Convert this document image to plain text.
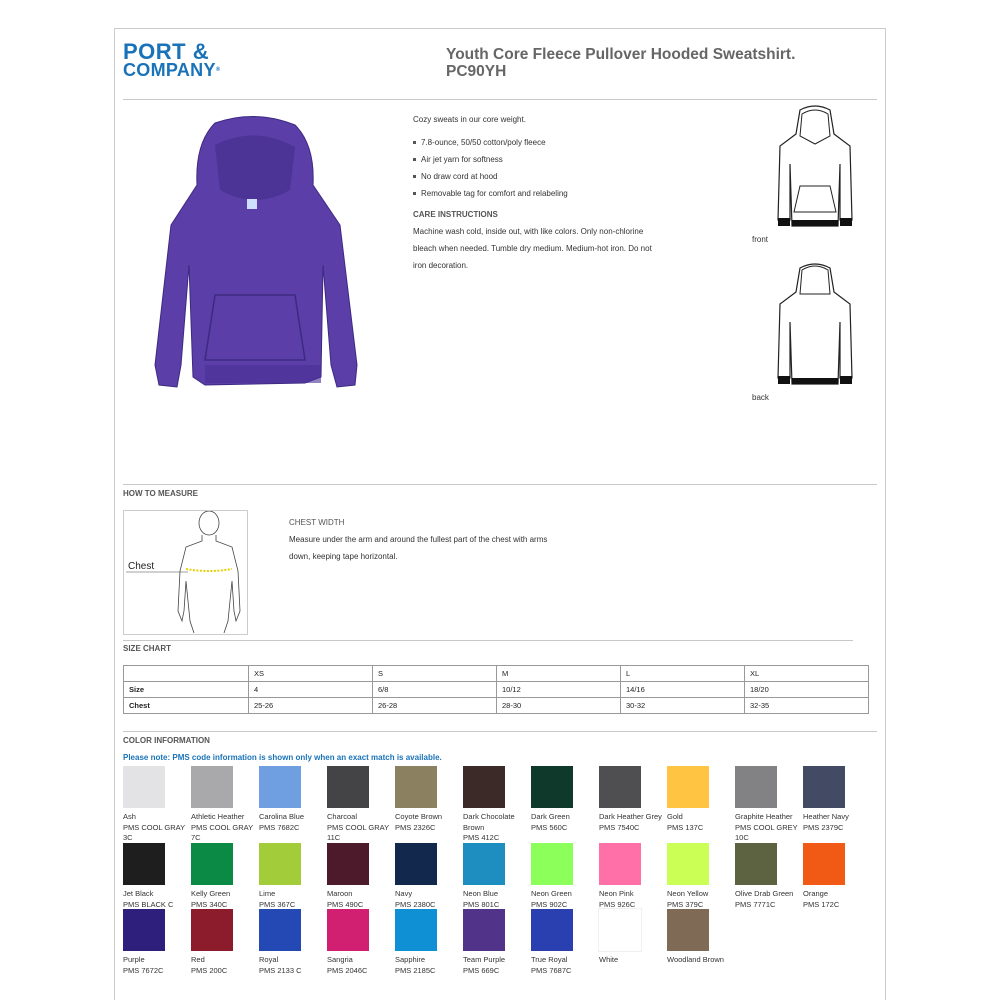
PORT &
COMPANY®
Youth Core Fleece Pullover Hooded Sweatshirt.
PC90YH
Cozy sweats in our core weight.
7.8-ounce, 50/50 cotton/poly fleece
Air jet yarn for softness
No draw cord at hood
Removable tag for comfort and relabeling
CARE INSTRUCTIONS
Machine wash cold, inside out, with like colors. Only non-chlorine bleach when needed. Tumble dry medium. Medium-hot iron. Do not iron decoration.
front
back
HOW TO MEASURE
Chest
CHEST WIDTH
Measure under the arm and around the fullest part of the chest with arms down, keeping tape horizontal.
SIZE CHART
	XS	S	M	L	XL
Size	4	6/8	10/12	14/16	18/20
Chest	25-26	26-28	28-30	30-32	32-35
COLOR INFORMATION
Please note: PMS code information is shown only when an exact match is available.
Ash
PMS COOL GRAY 3C
Athletic Heather
PMS COOL GRAY 7C
Carolina Blue
PMS 7682C
Charcoal
PMS COOL GRAY 11C
Coyote Brown
PMS 2326C
Dark Chocolate Brown
PMS 412C
Dark Green
PMS 560C
Dark Heather Grey
PMS 7540C
Gold
PMS 137C
Graphite Heather
PMS COOL GREY 10C
Heather Navy
PMS 2379C
Jet Black
PMS BLACK C
Kelly Green
PMS 340C
Lime
PMS 367C
Maroon
PMS 490C
Navy
PMS 2380C
Neon Blue
PMS 801C
Neon Green
PMS 902C
Neon Pink
PMS 926C
Neon Yellow
PMS 379C
Olive Drab Green
PMS 7771C
Orange
PMS 172C
Purple
PMS 7672C
Red
PMS 200C
Royal
PMS 2133 C
Sangria
PMS 2046C
Sapphire
PMS 2185C
Team Purple
PMS 669C
True Royal
PMS 7687C
White	Woodland Brown
